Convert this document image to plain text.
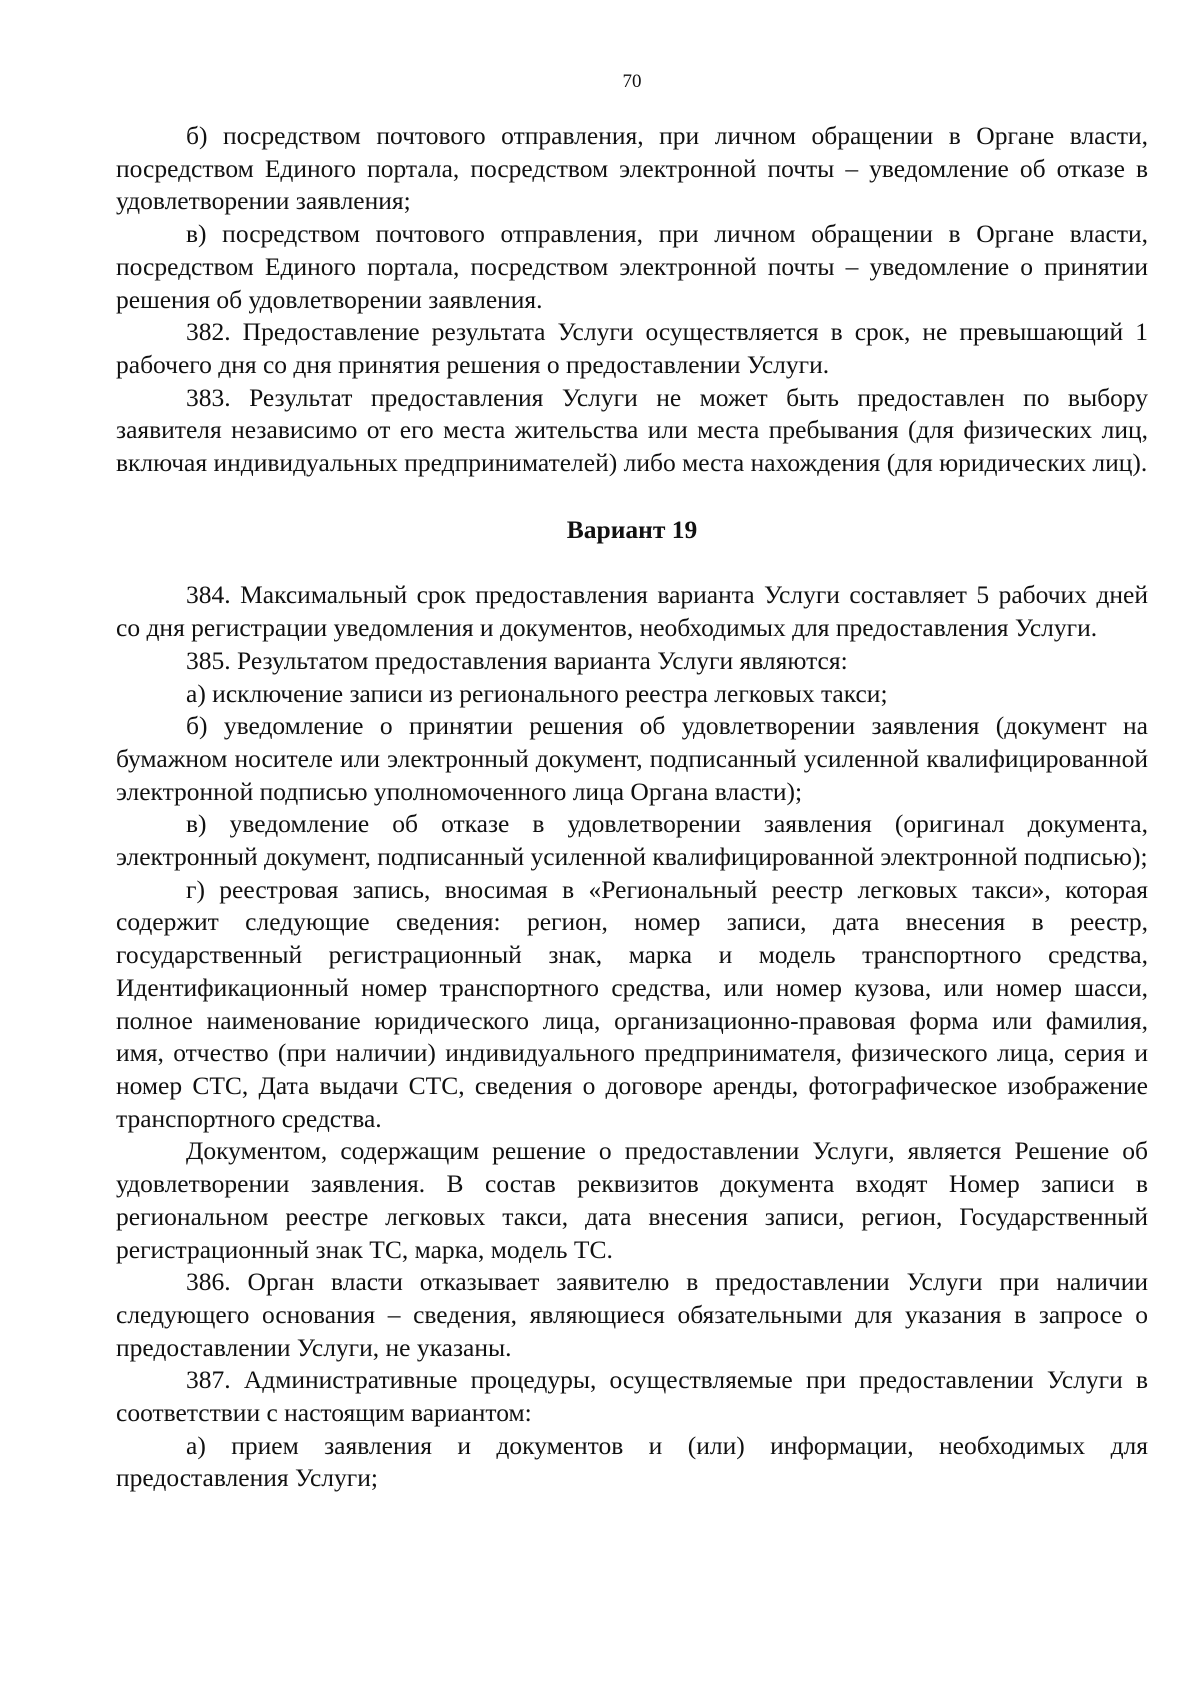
70

б) посредством почтового отправления, при личном обращении в Органе власти, посредством Единого портала, посредством электронной почты – уведомление об отказе в удовлетворении заявления;

в) посредством почтового отправления, при личном обращении в Органе власти, посредством Единого портала, посредством электронной почты – уведомление о принятии решения об удовлетворении заявления.

382. Предоставление результата Услуги осуществляется в срок, не превышающий 1 рабочего дня со дня принятия решения о предоставлении Услуги.

383. Результат предоставления Услуги не может быть предоставлен по выбору заявителя независимо от его места жительства или места пребывания (для физических лиц, включая индивидуальных предпринимателей) либо места нахождения (для юридических лиц).

Вариант 19

384. Максимальный срок предоставления варианта Услуги составляет 5 рабочих дней со дня регистрации уведомления и документов, необходимых для предоставления Услуги.

385. Результатом предоставления варианта Услуги являются:

а) исключение записи из регионального реестра легковых такси;

б) уведомление о принятии решения об удовлетворении заявления (документ на бумажном носителе или электронный документ, подписанный усиленной квалифицированной электронной подписью уполномоченного лица Органа власти);

в) уведомление об отказе в удовлетворении заявления (оригинал документа, электронный документ, подписанный усиленной квалифицированной электронной подписью);

г) реестровая запись, вносимая в «Региональный реестр легковых такси», которая содержит следующие сведения: регион, номер записи, дата внесения в реестр, государственный регистрационный знак, марка и модель транспортного средства, Идентификационный номер транспортного средства, или номер кузова, или номер шасси, полное наименование юридического лица, организационно-правовая форма или фамилия, имя, отчество (при наличии) индивидуального предпринимателя, физического лица, серия и номер СТС, Дата выдачи СТС, сведения о договоре аренды, фотографическое изображение транспортного средства.

Документом, содержащим решение о предоставлении Услуги, является Решение об удовлетворении заявления. В состав реквизитов документа входят Номер записи в региональном реестре легковых такси, дата внесения записи, регион, Государственный регистрационный знак ТС, марка, модель ТС.

386. Орган власти отказывает заявителю в предоставлении Услуги при наличии следующего основания – сведения, являющиеся обязательными для указания в запросе о предоставлении Услуги, не указаны.

387. Административные процедуры, осуществляемые при предоставлении Услуги в соответствии с настоящим вариантом:

а) прием заявления и документов и (или) информации, необходимых для предоставления Услуги;
